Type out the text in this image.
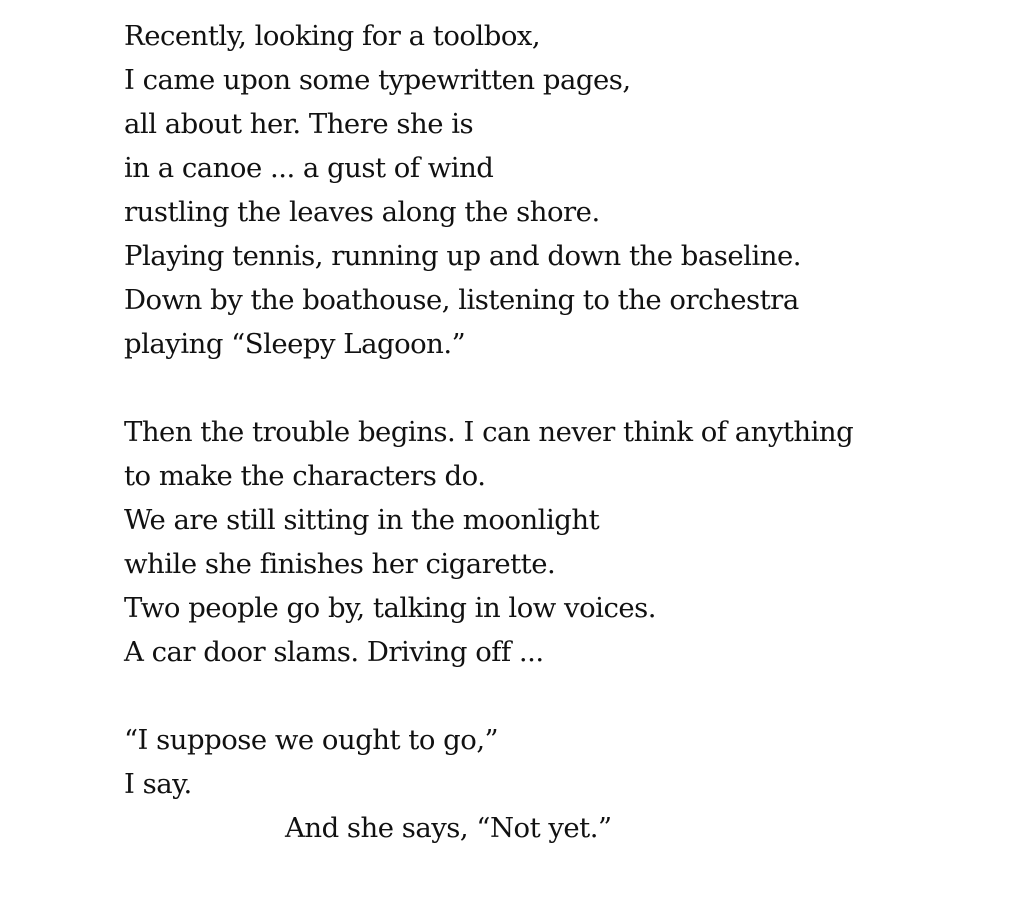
Recently, looking for a toolbox,
I came upon some typewritten pages,
all about her. There she is
in a canoe ... a gust of wind
rustling the leaves along the shore.
Playing tennis, running up and down the baseline.
Down by the boathouse, listening to the orchestra
playing “Sleepy Lagoon.”
Then the trouble begins. I can never think of anything
to make the characters do.
We are still sitting in the moonlight
while she finishes her cigarette.
Two people go by, talking in low voices.
A car door slams. Driving off ...
“I suppose we ought to go,”
I say.
And she says, “Not yet.”
